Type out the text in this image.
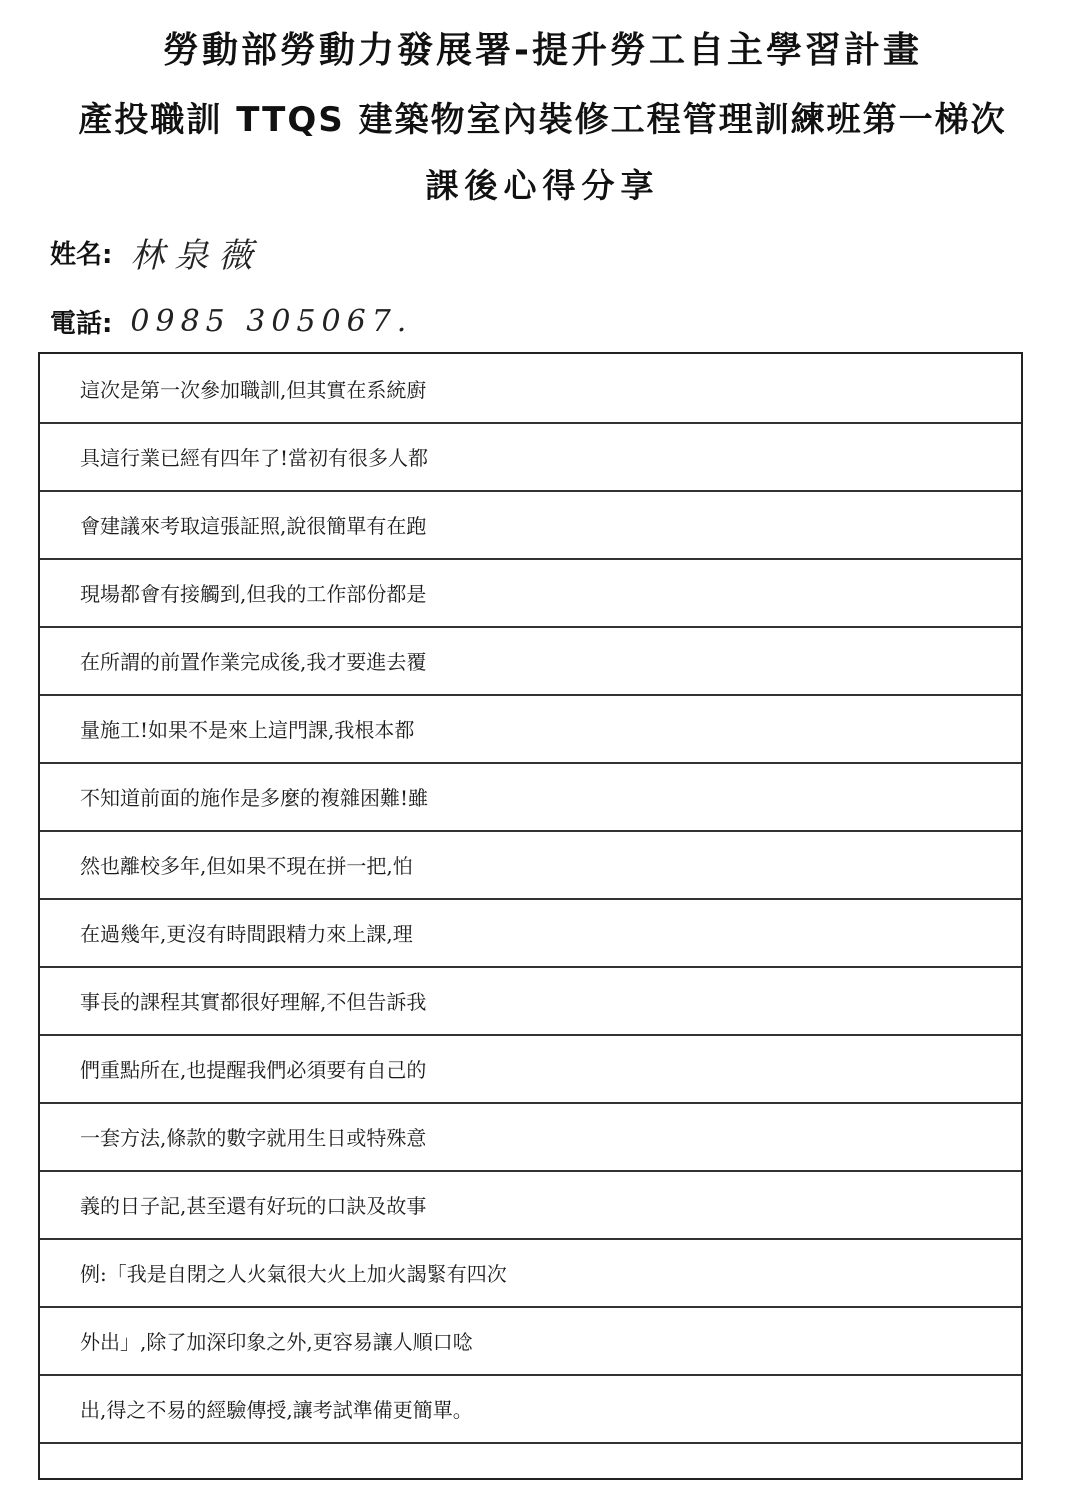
勞動部勞動力發展署-提升勞工自主學習計畫
產投職訓 TTQS 建築物室內裝修工程管理訓練班第一梯次
課後心得分享
姓名: 林泉薇
電話: 0985 305067.
這次是第一次參加職訓,但其實在系統廚
具這行業已經有四年了!當初有很多人都
會建議來考取這張証照,說很簡單有在跑
現場都會有接觸到,但我的工作部份都是
在所謂的前置作業完成後,我才要進去覆
量施工!如果不是來上這門課,我根本都
不知道前面的施作是多麼的複雜困難!雖
然也離校多年,但如果不現在拼一把,怕
在過幾年,更沒有時間跟精力來上課,理
事長的課程其實都很好理解,不但告訴我
們重點所在,也提醒我們必須要有自己的
一套方法,條款的數字就用生日或特殊意
義的日子記,甚至還有好玩的口訣及故事
例:「我是自閉之人火氣很大火上加火謁緊有四次
外出」,除了加深印象之外,更容易讓人順口唸
出,得之不易的經驗傳授,讓考試準備更簡單。
